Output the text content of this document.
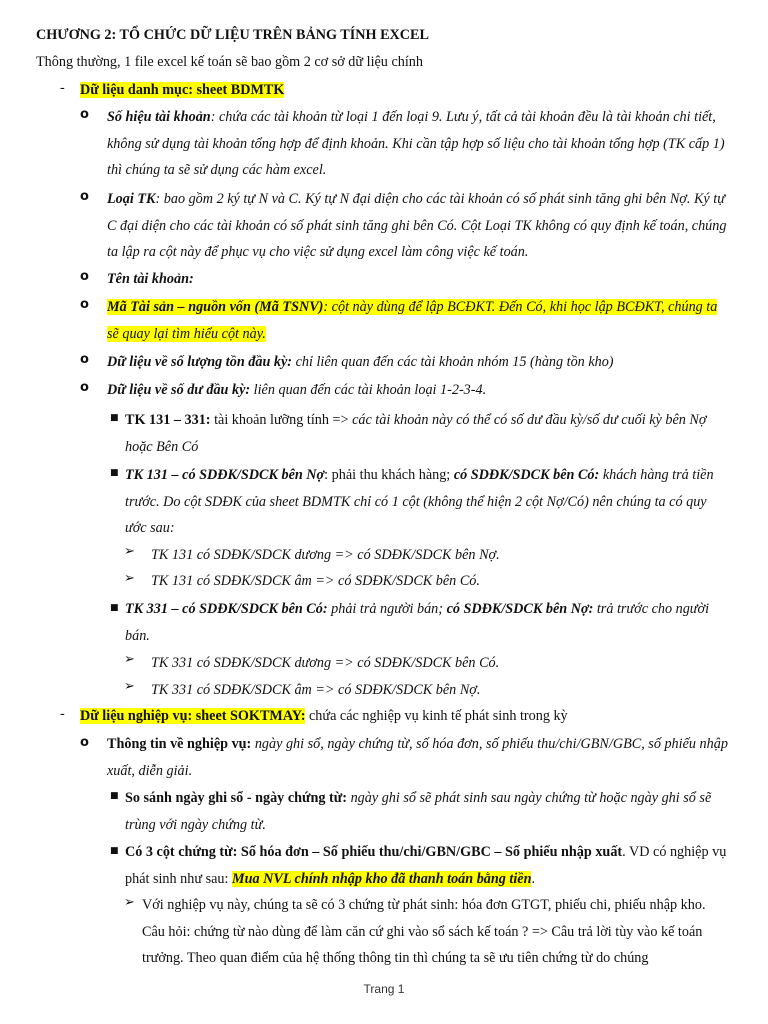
CHƯƠNG 2: TỔ CHỨC DỮ LIỆU TRÊN BẢNG TÍNH EXCEL
Thông thường, 1 file excel kế toán sẽ bao gồm 2 cơ sở dữ liệu chính
-	Dữ liệu danh mục: sheet BDMTK
o Số hiệu tài khoản: chứa các tài khoản từ loại 1 đến loại 9. Lưu ý, tất cả tài khoản đều là tài khoản chi tiết, không sử dụng tài khoản tổng hợp để định khoản. Khi cần tập hợp số liệu cho tài khoản tổng hợp (TK cấp 1) thì chúng ta sẽ sử dụng các hàm excel.
o Loại TK: bao gồm 2 ký tự N và C. Ký tự N đại diện cho các tài khoản có số phát sinh tăng ghi bên Nợ. Ký tự C đại diện cho các tài khoản có số phát sinh tăng ghi bên Có. Cột Loại TK không có quy định kế toán, chúng ta lập ra cột này để phục vụ cho việc sử dụng excel làm công việc kế toán.
o Tên tài khoản:
o Mã Tài sản – nguồn vốn (Mã TSNV): cột này dùng để lập BCĐKT. Đến Có, khi học lập BCĐKT, chúng ta sẽ quay lại tìm hiểu cột này.
o Dữ liệu về số lượng tồn đầu kỳ: chỉ liên quan đến các tài khoản nhóm 15 (hàng tồn kho)
o Dữ liệu về số dư đầu kỳ: liên quan đến các tài khoản loại 1-2-3-4.
■ TK 131 – 331: tài khoản lưỡng tính => các tài khoản này có thể có số dư đầu kỳ/số dư cuối kỳ bên Nợ hoặc Bên Có
■ TK 131 – có SDĐK/SDCK bên Nợ: phải thu khách hàng; có SDĐK/SDCK bên Có: khách hàng trả tiền trước. Do cột SDĐK của sheet BDMTK chỉ có 1 cột (không thể hiện 2 cột Nợ/Có) nên chúng ta có quy ước sau:
➢ TK 131 có SDĐK/SDCK dương => có SDĐK/SDCK bên Nợ.
➢ TK 131 có SDĐK/SDCK âm => có SDĐK/SDCK bên Có.
■ TK 331 – có SDĐK/SDCK bên Có: phải trả người bán; có SDĐK/SDCK bên Nợ: trả trước cho người bán.
➢ TK 331 có SDĐK/SDCK dương => có SDĐK/SDCK bên Có.
➢ TK 331 có SDĐK/SDCK âm => có SDĐK/SDCK bên Nợ.
-	Dữ liệu nghiệp vụ: sheet SOKTMAY: chứa các nghiệp vụ kinh tế phát sinh trong kỳ
o Thông tin về nghiệp vụ: ngày ghi sổ, ngày chứng từ, số hóa đơn, số phiếu thu/chi/GBN/GBC, số phiếu nhập xuất, diễn giải.
■ So sánh ngày ghi sổ - ngày chứng từ: ngày ghi sổ sẽ phát sinh sau ngày chứng từ hoặc ngày ghi sổ sẽ trùng với ngày chứng từ.
■ Có 3 cột chứng từ: Số hóa đơn – Số phiếu thu/chi/GBN/GBC – Số phiếu nhập xuất. VD có nghiệp vụ phát sinh như sau: Mua NVL chính nhập kho đã thanh toán bằng tiền.
➢ Với nghiệp vụ này, chúng ta sẽ có 3 chứng từ phát sinh: hóa đơn GTGT, phiếu chi, phiếu nhập kho. Câu hỏi: chứng từ nào dùng để làm căn cứ ghi vào sổ sách kế toán ? => Câu trả lời tùy vào kế toán trưởng. Theo quan điểm của hệ thống thông tin thì chúng ta sẽ ưu tiên chứng từ do chúng
Trang 1
